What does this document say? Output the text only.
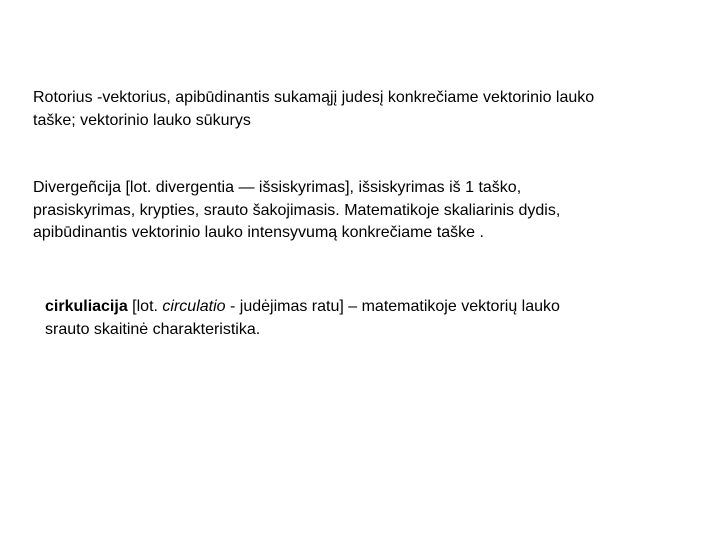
Rotorius -vektorius, apibūdinantis sukamąjį judesį konkrečiame vektorinio lauko
taške; vektorinio lauko sūkurys
Divergeñcija [lot. divergentia — išsiskyrimas], išsiskyrimas iš 1 taško,
prasiskyrimas, krypties, srauto šakojimasis. Matematikoje skaliarinis dydis,
apibūdinantis vektorinio lauko intensyvumą konkrečiame taške .
cirkuliacija [lot. circulatio - judėjimas ratu] – matematikoje vektorių lauko
srauto skaitinė charakteristika.
